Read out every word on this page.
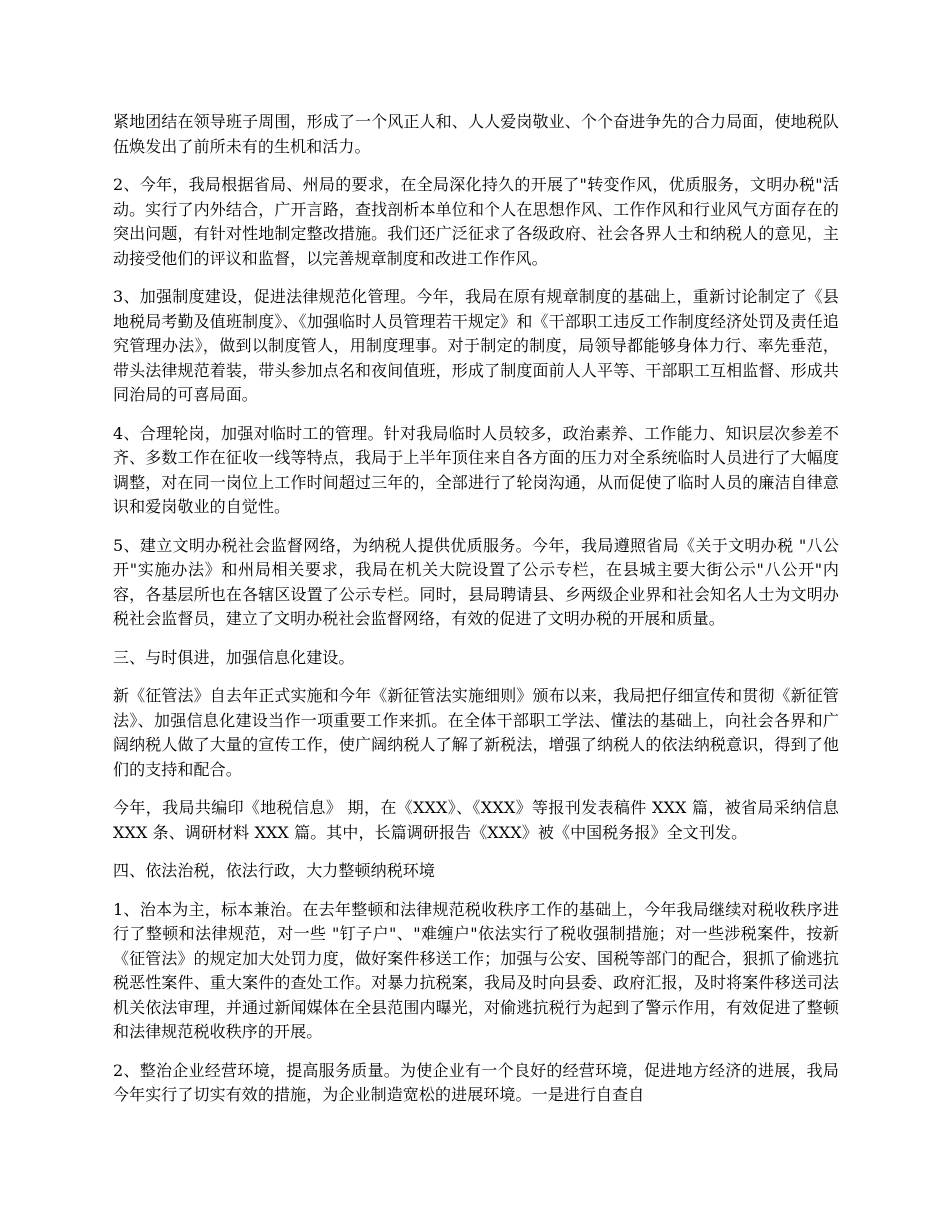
紧地团结在领导班子周围，形成了一个风正人和、人人爱岗敬业、个个奋进争先的合力局面，使地税队伍焕发出了前所未有的生机和活力。

2、今年，我局根据省局、州局的要求，在全局深化持久的开展了"转变作风，优质服务，文明办税"活动。实行了内外结合，广开言路，查找剖析本单位和个人在思想作风、工作作风和行业风气方面存在的突出问题，有针对性地制定整改措施。我们还广泛征求了各级政府、社会各界人士和纳税人的意见，主动接受他们的评议和监督，以完善规章制度和改进工作作风。

3、加强制度建设，促进法律规范化管理。今年，我局在原有规章制度的基础上，重新讨论制定了《县地税局考勤及值班制度》、《加强临时人员管理若干规定》和《干部职工违反工作制度经济处罚及责任追究管理办法》，做到以制度管人，用制度理事。对于制定的制度，局领导都能够身体力行、率先垂范，带头法律规范着装，带头参加点名和夜间值班，形成了制度面前人人平等、干部职工互相监督、形成共同治局的可喜局面。

4、合理轮岗，加强对临时工的管理。针对我局临时人员较多，政治素养、工作能力、知识层次参差不齐、多数工作在征收一线等特点，我局于上半年顶住来自各方面的压力对全系统临时人员进行了大幅度调整，对在同一岗位上工作时间超过三年的，全部进行了轮岗沟通，从而促使了临时人员的廉洁自律意识和爱岗敬业的自觉性。

5、建立文明办税社会监督网络，为纳税人提供优质服务。今年，我局遵照省局《关于文明办税 "八公开"实施办法》和州局相关要求，我局在机关大院设置了公示专栏，在县城主要大街公示"八公开"内容，各基层所也在各辖区设置了公示专栏。同时，县局聘请县、乡两级企业界和社会知名人士为文明办税社会监督员，建立了文明办税社会监督网络，有效的促进了文明办税的开展和质量。

三、与时俱进，加强信息化建设。

新《征管法》自去年正式实施和今年《新征管法实施细则》颁布以来，我局把仔细宣传和贯彻《新征管法》、加强信息化建设当作一项重要工作来抓。在全体干部职工学法、懂法的基础上，向社会各界和广阔纳税人做了大量的宣传工作，使广阔纳税人了解了新税法，增强了纳税人的依法纳税意识，得到了他们的支持和配合。

今年，我局共编印《地税信息》 期，在《XXX》、《XXX》等报刊发表稿件 XXX 篇，被省局采纳信息 XXX 条、调研材料 XXX 篇。其中，长篇调研报告《XXX》被《中国税务报》全文刊发。

四、依法治税，依法行政，大力整顿纳税环境

1、治本为主，标本兼治。在去年整顿和法律规范税收秩序工作的基础上，今年我局继续对税收秩序进行了整顿和法律规范，对一些 "钉子户"、"难缠户"依法实行了税收强制措施；对一些涉税案件，按新《征管法》的规定加大处罚力度，做好案件移送工作；加强与公安、国税等部门的配合，狠抓了偷逃抗税恶性案件、重大案件的查处工作。对暴力抗税案，我局及时向县委、政府汇报，及时将案件移送司法机关依法审理，并通过新闻媒体在全县范围内曝光，对偷逃抗税行为起到了警示作用，有效促进了整顿和法律规范税收秩序的开展。

2、整治企业经营环境，提高服务质量。为使企业有一个良好的经营环境，促进地方经济的进展，我局今年实行了切实有效的措施，为企业制造宽松的进展环境。一是进行自查自
